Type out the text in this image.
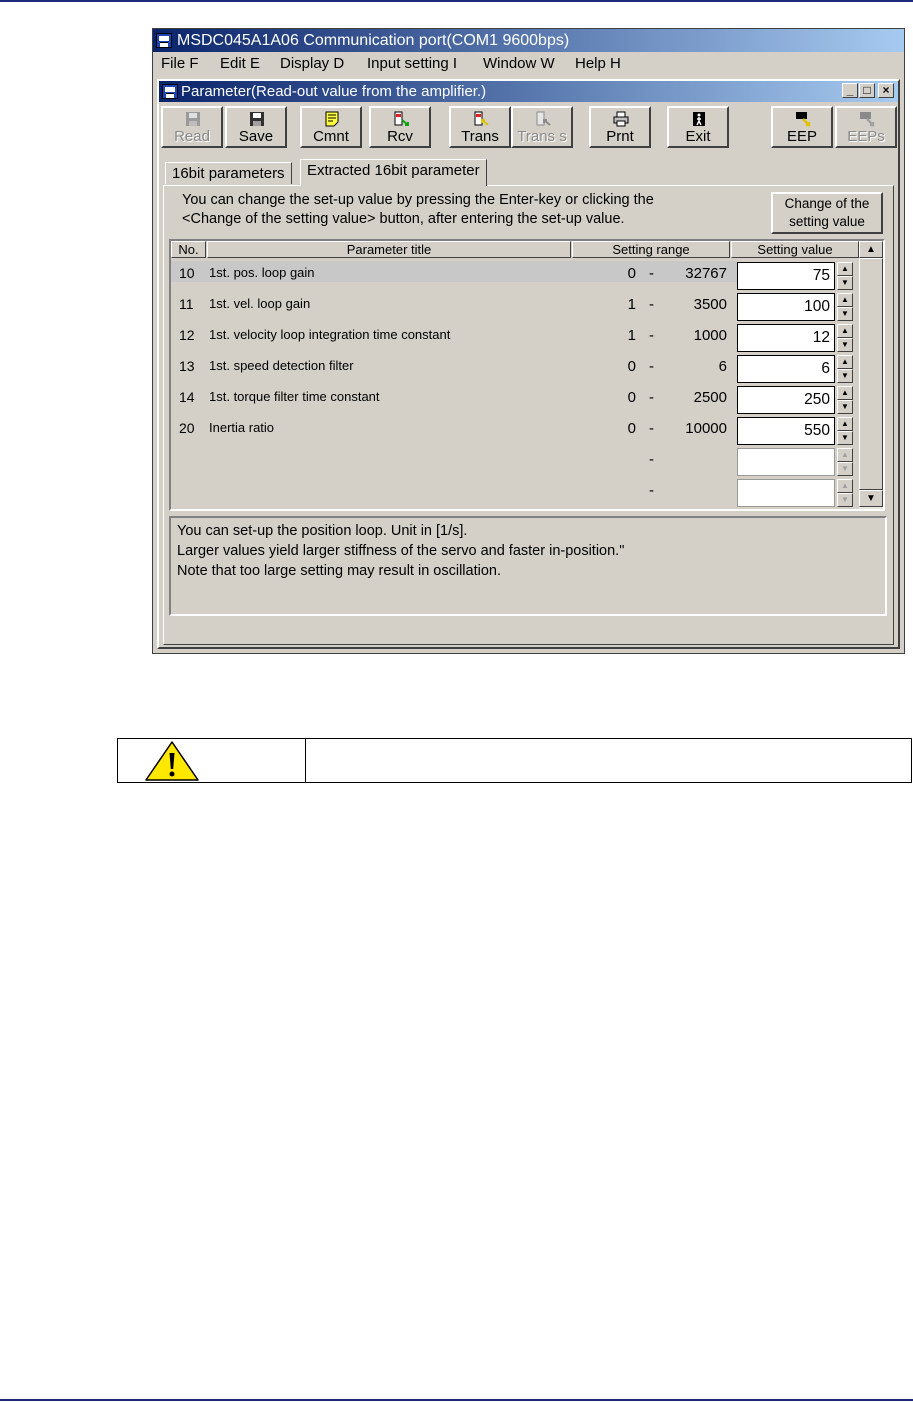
MSDC045A1A06 Communication port(COM1 9600bps)
File F Edit E Display D Input setting I Window W Help H
Parameter(Read-out value from the amplifier.)	_ □ ×
Read	Save	Cmnt	Rcv	Trans	Trans s	Prnt	Exit	EEP	EEPs
16bit parameters	Extracted 16bit parameter
You can change the set-up value by pressing the Enter-key or clicking the
<Change of the setting value> button, after entering the set-up value.
Change of the
setting value
No.	Parameter title	Setting range	Setting value
10 1st. pos. loop gain	0 -	32767	75	▲
▼
11 1st. vel. loop gain	1 -	3500	100	▲
▼
12 1st. velocity loop integration time constant	1 -	1000	12	▲
▼
13 1st. speed detection filter	0 -	6	6	▲
▼
14 1st. torque filter time constant	0 -	2500	250	▲
▼
20 Inertia ratio	0 -	10000	550	▲
▼
-	▲
▼
-	▲
▼
▲
▼
You can set-up the position loop. Unit in [1/s].
Larger values yield larger stiffness of the servo and faster in-position."
Note that too large setting may result in oscillation.
